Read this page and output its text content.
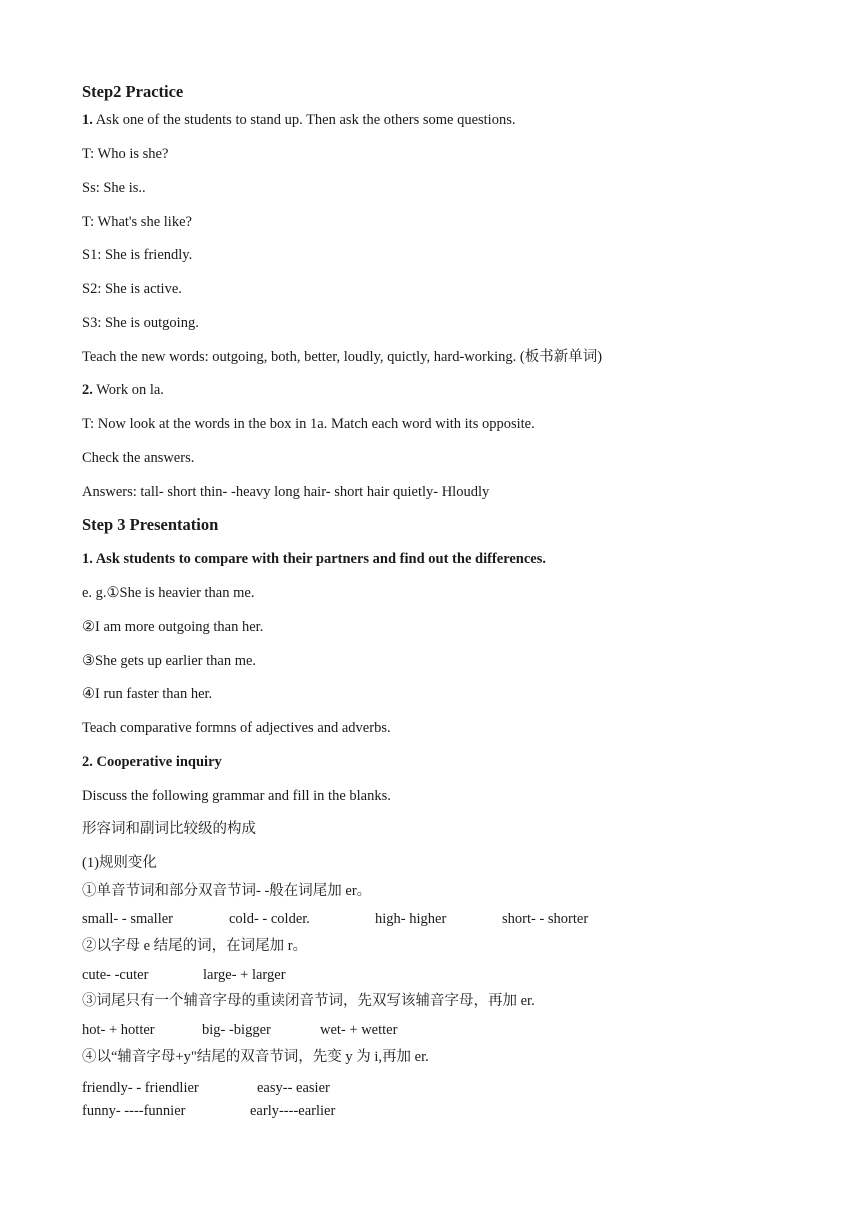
Step2 Practice

1. Ask one of the students to stand up. Then ask the others some questions.

T: Who is she?

Ss: She is..

T: What's she like?

S1: She is friendly.

S2: She is active.

S3: She is outgoing.

Teach the new words: outgoing, both, better, loudly, quictly, hard-working. (板书新单词)

2. Work on la.

T: Now look at the words in the box in 1a. Match each word with its opposite.

Check the answers.

Answers: tall- short thin- -heavy long hair- short hair quietly- Hloudly

Step 3 Presentation

1. Ask students to compare with their partners and find out the differences.

e. g.①She is heavier than me.

②I am more outgoing than her.

③She gets up earlier than me.

④I run faster than her.

Teach comparative formns of adjectives and adverbs.

2. Cooperative inquiry

Discuss the following grammar and fill in the blanks.

形容词和副词比较级的构成

(1)规则变化

①单音节词和部分双音节词- -般在词尾加 er。

small- - smaller	cold- - colder.	high- higher	short- - shorter

②以字母 e 结尾的词，在词尾加 r。

cute- -cuter	large- + larger

③词尾只有一个辅音字母的重读闭音节词，先双写该辅音字母，再加 er.

hot- + hotter	big- -bigger	wet- + wetter

④以“辅音字母+y"结尾的双音节词，先变 y 为 i,再加 er.

friendly- - friendlier	easy-- easier
funny- ----funnier	early----earlier
